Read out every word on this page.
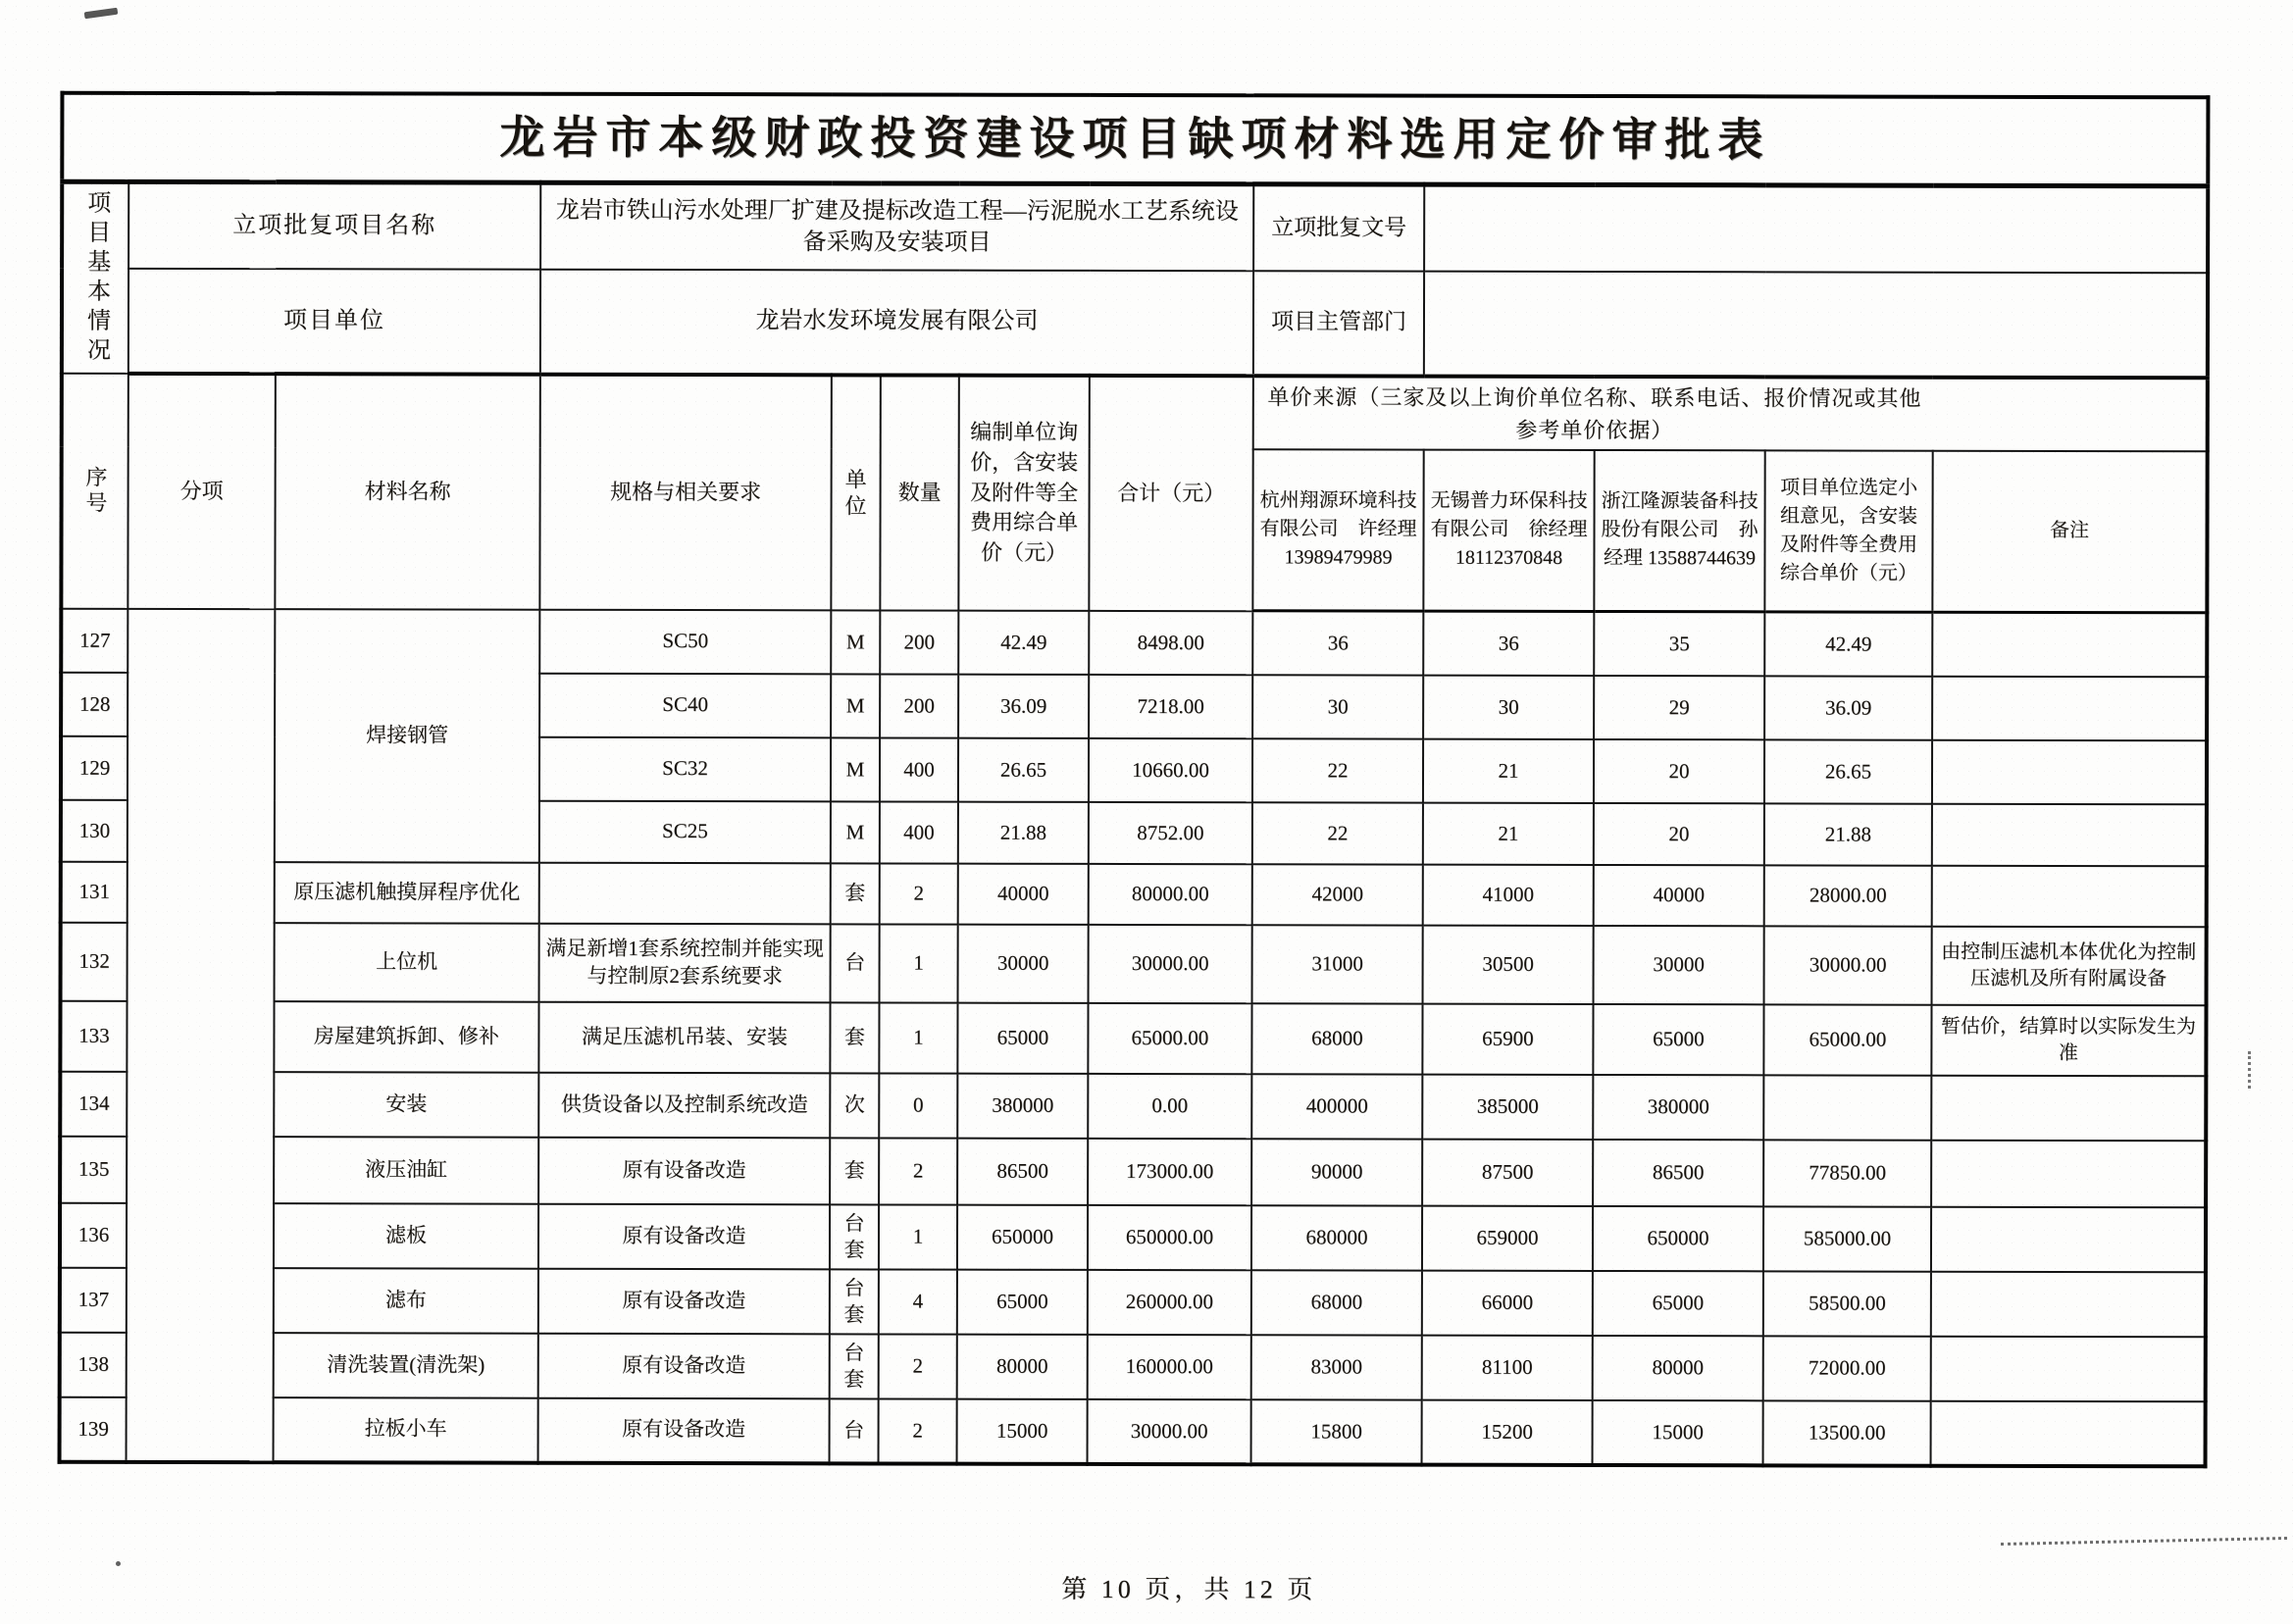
龙岩市本级财政投资建设项目缺项材料选用定价审批表												
项目基本情况	立项批复项目名称		龙岩市铁山污水处理厂扩建及提标改造工程—污泥脱水工艺系统设备采购及安装项目					立项批复文号				
	项目单位		龙岩水发环境发展有限公司					项目主管部门				
序号	分项	材料名称	规格与相关要求	单位	数量	编制单位询价，含安装及附件等全费用综合单价（元）	合计（元）	单价来源（三家及以上询价单位名称、联系电话、报价情况或其他参考单价依据）				
								杭州翔源环境科技有限公司　许经理 13989479989	无锡普力环保科技有限公司　徐经理 18112370848	浙江隆源装备科技股份有限公司　孙经理 13588744639	项目单位选定小组意见，含安装及附件等全费用综合单价（元）	备注
127		焊接钢管	SC50	M	200	42.49	8498.00	36	36	35	42.49	
128			SC40	M	200	36.09	7218.00	30	30	29	36.09	
129			SC32	M	400	26.65	10660.00	22	21	20	26.65	
130			SC25	M	400	21.88	8752.00	22	21	20	21.88	
131		原压滤机触摸屏程序优化		套	2	40000	80000.00	42000	41000	40000	28000.00	
132		上位机	满足新增1套系统控制并能实现与控制原2套系统要求	台	1	30000	30000.00	31000	30500	30000	30000.00	由控制压滤机本体优化为控制压滤机及所有附属设备
133		房屋建筑拆卸、修补	满足压滤机吊装、安装	套	1	65000	65000.00	68000	65900	65000	65000.00	暂估价，结算时以实际发生为准
134		安装	供货设备以及控制系统改造	次	0	380000	0.00	400000	385000	380000		
135		液压油缸	原有设备改造	套	2	86500	173000.00	90000	87500	86500	77850.00	
136		滤板	原有设备改造	台套	1	650000	650000.00	680000	659000	650000	585000.00	
137		滤布	原有设备改造	台套	4	65000	260000.00	68000	66000	65000	58500.00	
138		清洗装置(清洗架)	原有设备改造	台套	2	80000	160000.00	83000	81100	80000	72000.00	
139		拉板小车	原有设备改造	台	2	15000	30000.00	15800	15200	15000	13500.00	
第 10 页，共 12 页
